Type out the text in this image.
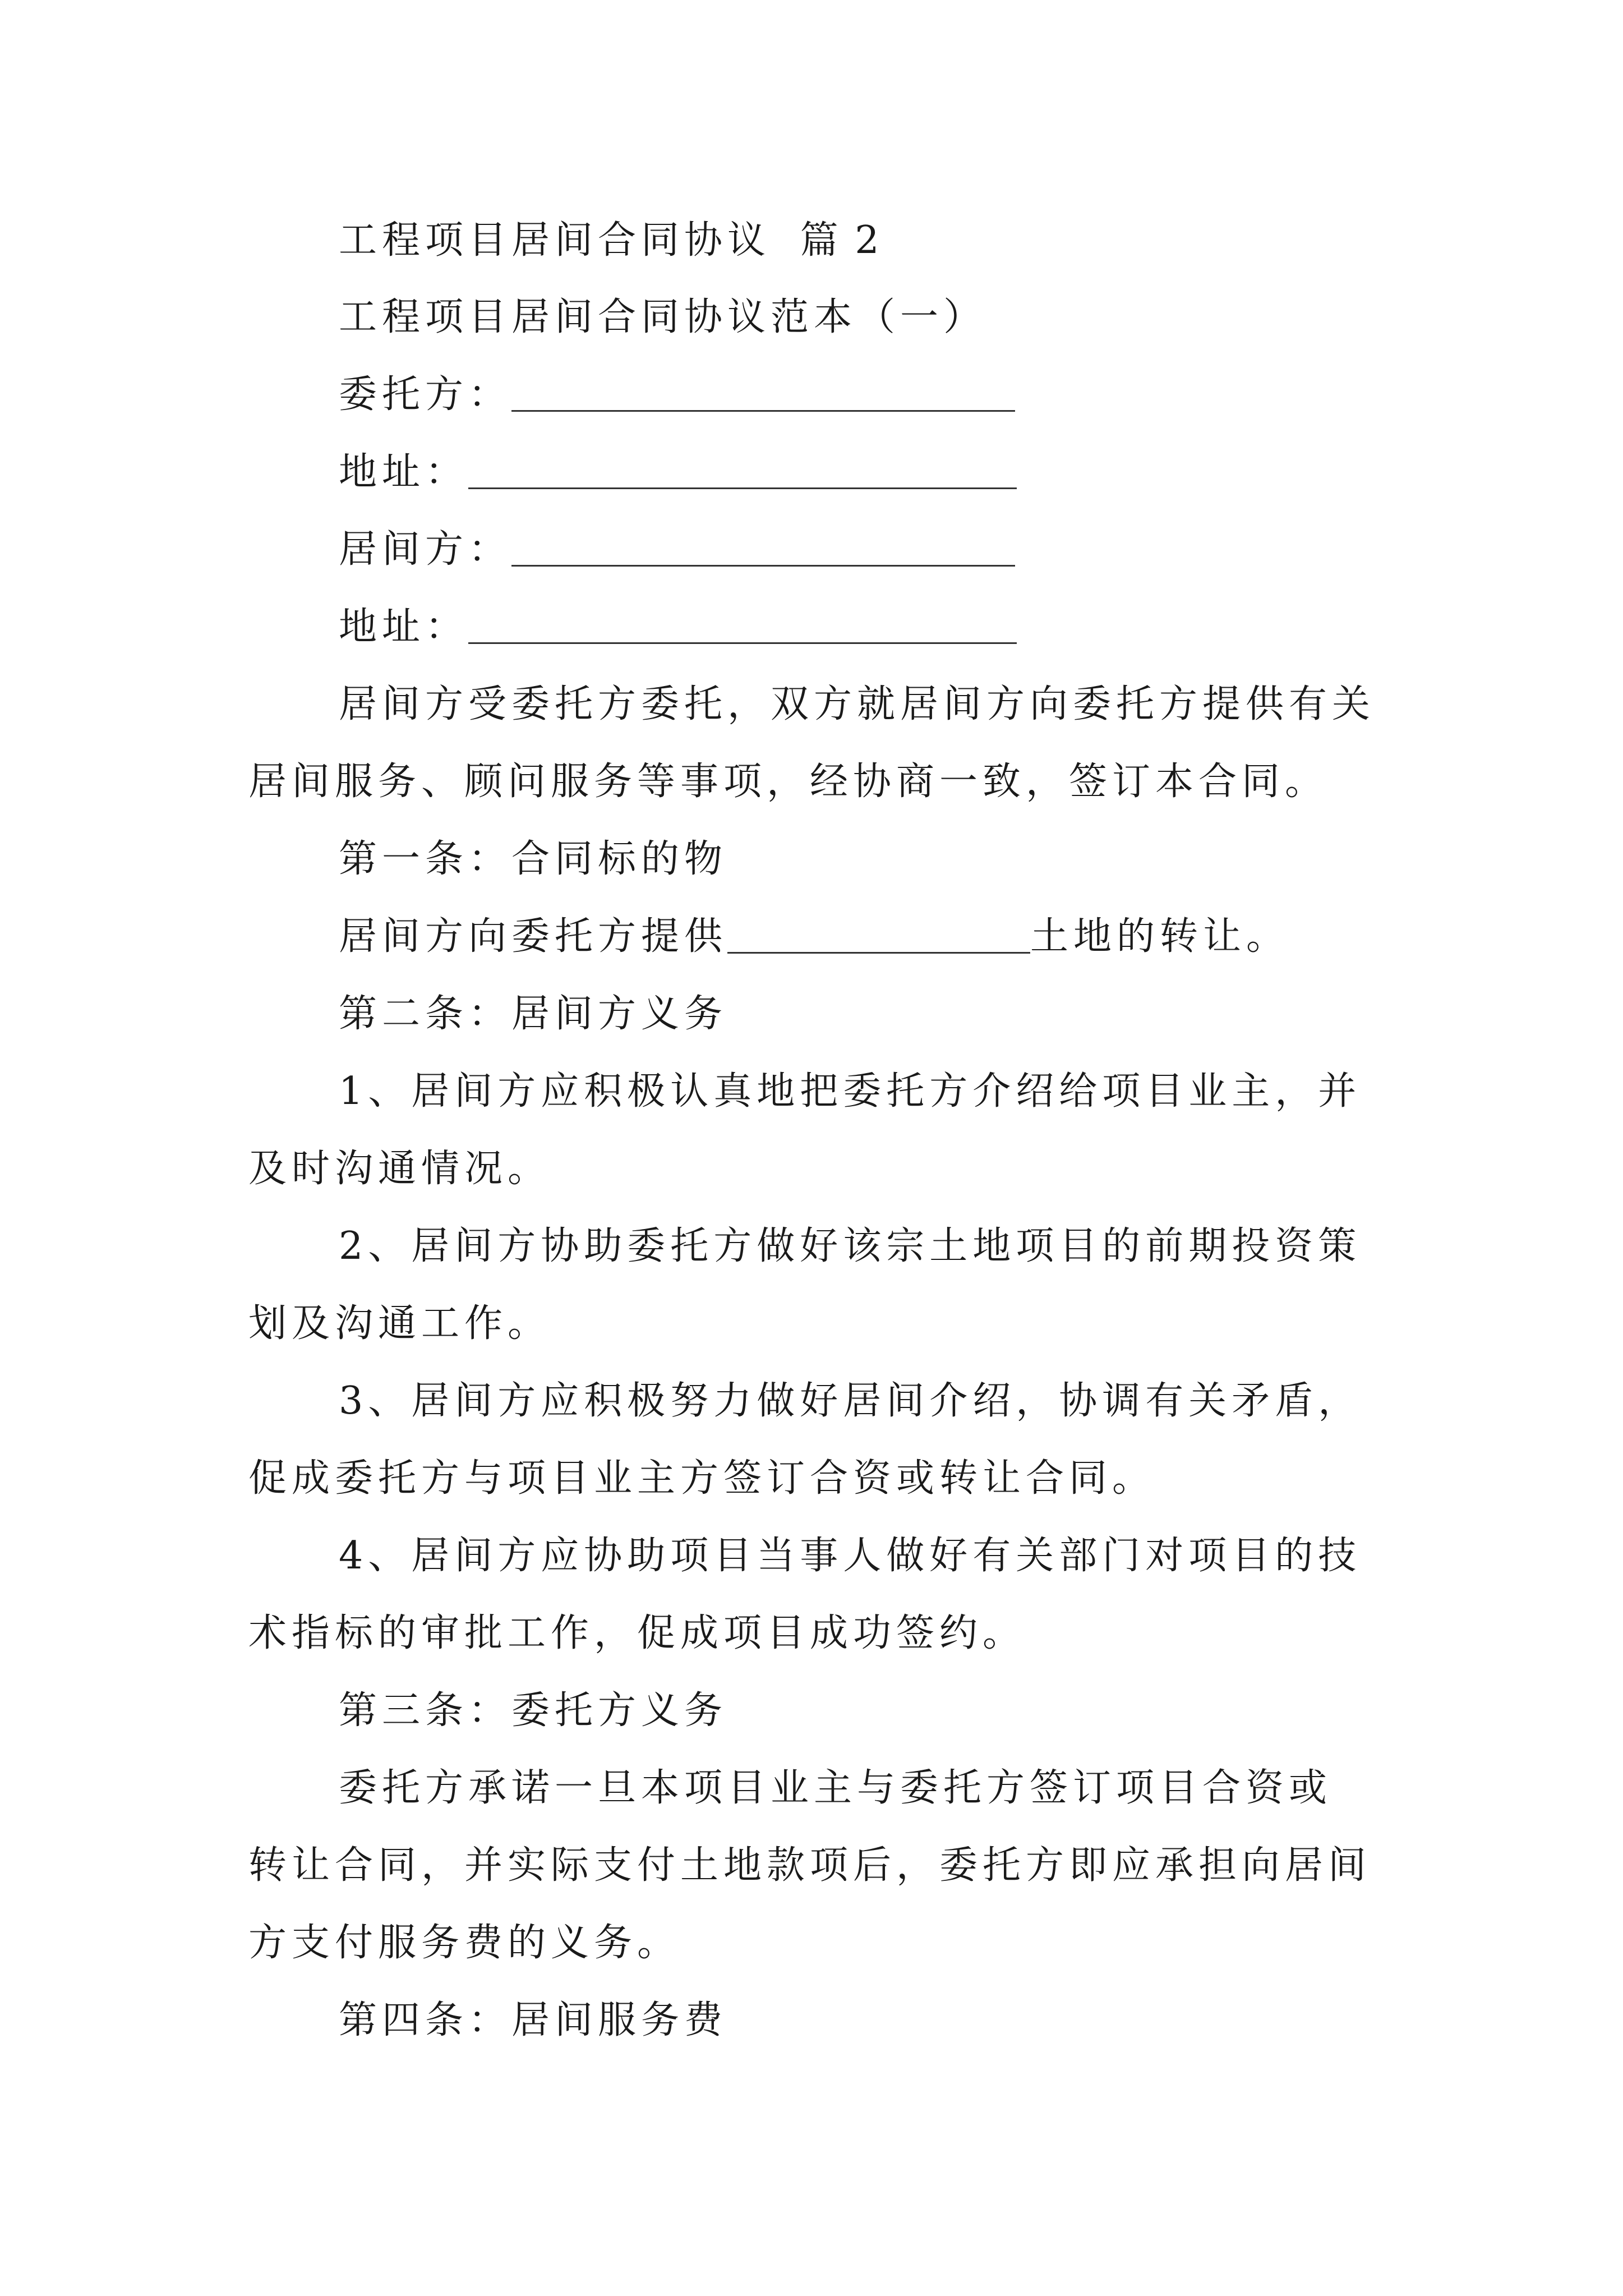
工程项目居间合同协议 篇 2
工程项目居间合同协议范本（一）
委托方：
地址：
居间方：
地址：
居间方受委托方委托，双方就居间方向委托方提供有关
居间服务、顾问服务等事项，经协商一致，签订本合同。
第一条：合同标的物
居间方向委托方提供	土地的转让。
第二条：居间方义务
1、居间方应积极认真地把委托方介绍给项目业主，并
及时沟通情况。
2、居间方协助委托方做好该宗土地项目的前期投资策
划及沟通工作。
3、居间方应积极努力做好居间介绍，协调有关矛盾，
促成委托方与项目业主方签订合资或转让合同。
4、居间方应协助项目当事人做好有关部门对项目的技
术指标的审批工作，促成项目成功签约。
第三条：委托方义务
委托方承诺一旦本项目业主与委托方签订项目合资或
转让合同，并实际支付土地款项后，委托方即应承担向居间
方支付服务费的义务。
第四条：居间服务费
